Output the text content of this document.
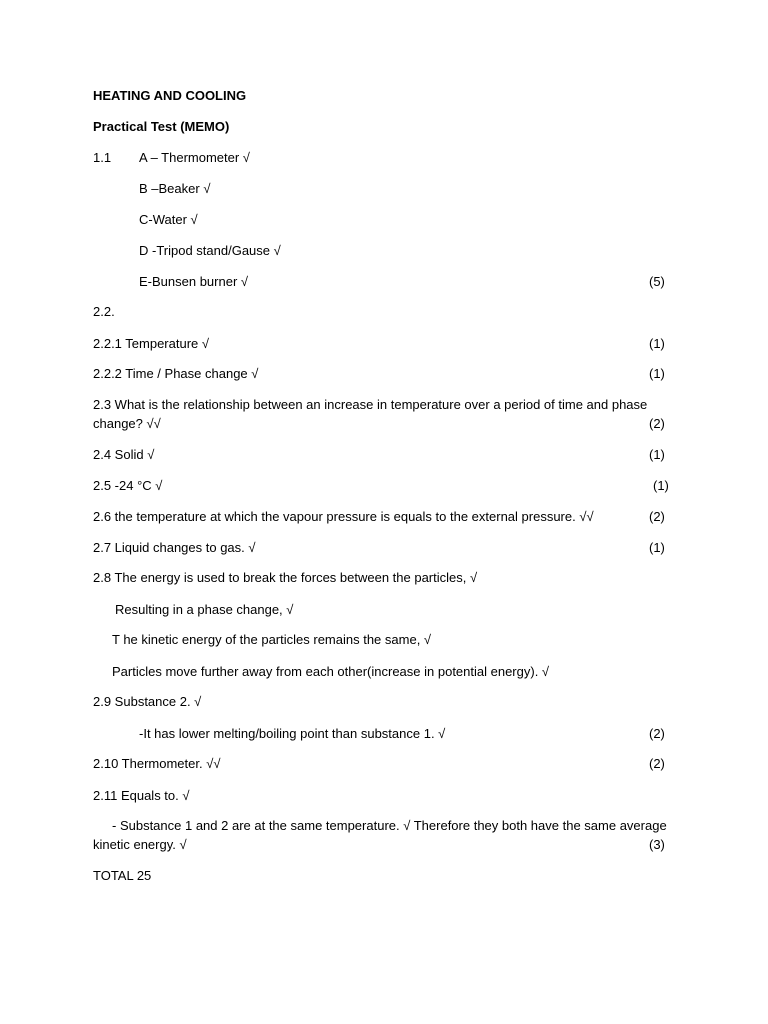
HEATING AND COOLING
Practical Test (MEMO)
1.1 A – Thermometer √
B –Beaker √
C-Water √
D -Tripod stand/Gause √
E-Bunsen burner √	(5)
2.2.
2.2.1 Temperature √	(1)
2.2.2 Time / Phase change √	(1)
2.3 What is the relationship between an increase in temperature over a period of time and phase
change? √√	(2)
2.4 Solid √	(1)
2.5 -24 °C √	(1)
2.6 the temperature at which the vapour pressure is equals to the external pressure. √√	(2)
2.7 Liquid changes to gas. √	(1)
2.8 The energy is used to break the forces between the particles, √
Resulting in a phase change, √
T he kinetic energy of the particles remains the same, √
Particles move further away from each other(increase in potential energy). √
2.9 Substance 2. √
-It has lower melting/boiling point than substance 1. √	(2)
2.10 Thermometer. √√	(2)
2.11 Equals to. √
- Substance 1 and 2 are at the same temperature. √ Therefore they both have the same average
kinetic energy. √	(3)
TOTAL 25
